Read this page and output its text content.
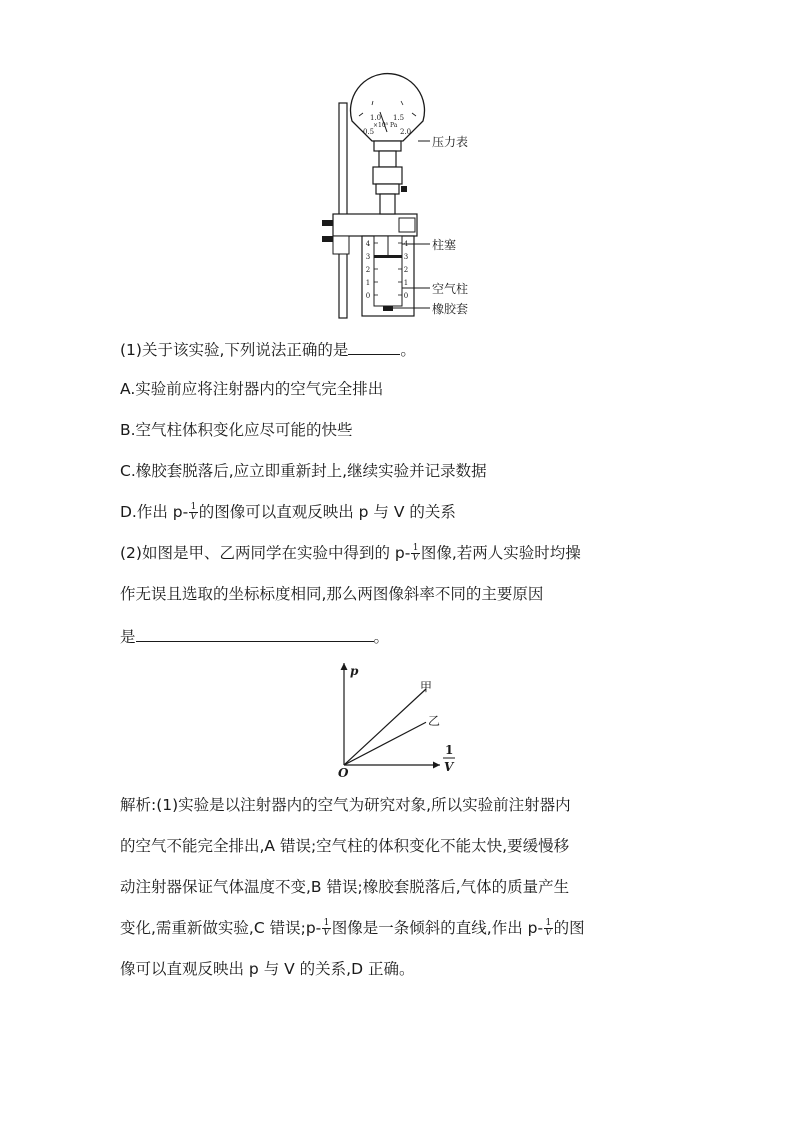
0.5
1.0 1.5
2.0
×10⁵ Pa
4
3
2
1
0
4
3
2
1
0
压力表
柱塞
空气柱
橡胶套
(1)关于该实验,下列说法正确的是	。
A.实验前应将注射器内的空气完全排出
B.空气柱体积变化应尽可能的快些
C.橡胶套脱落后,应立即重新封上,继续实验并记录数据
D.作出 $p- \frac{1}{V}$ 的图像可以直观反映出 p 与 V 的关系
(2)如图是甲、乙两同学在实验中得到的 $p- \frac{1}{V}$ 图像,若两人实验时均操
作无误且选取的坐标标度相同,那么两图像斜率不同的主要原因
是	。
p
O
1
V
甲
乙
解析:(1)实验是以注射器内的空气为研究对象,所以实验前注射器内
的空气不能完全排出,A 错误;空气柱的体积变化不能太快,要缓慢移
动注射器保证气体温度不变,B 错误;橡胶套脱落后,气体的质量产生
变化,需重新做实验,C 错误;p- $\frac{1}{V}$ 图像是一条倾斜的直线,作出 $p- \frac{1}{V}$ 的图
像可以直观反映出 p 与 V 的关系,D 正确。
